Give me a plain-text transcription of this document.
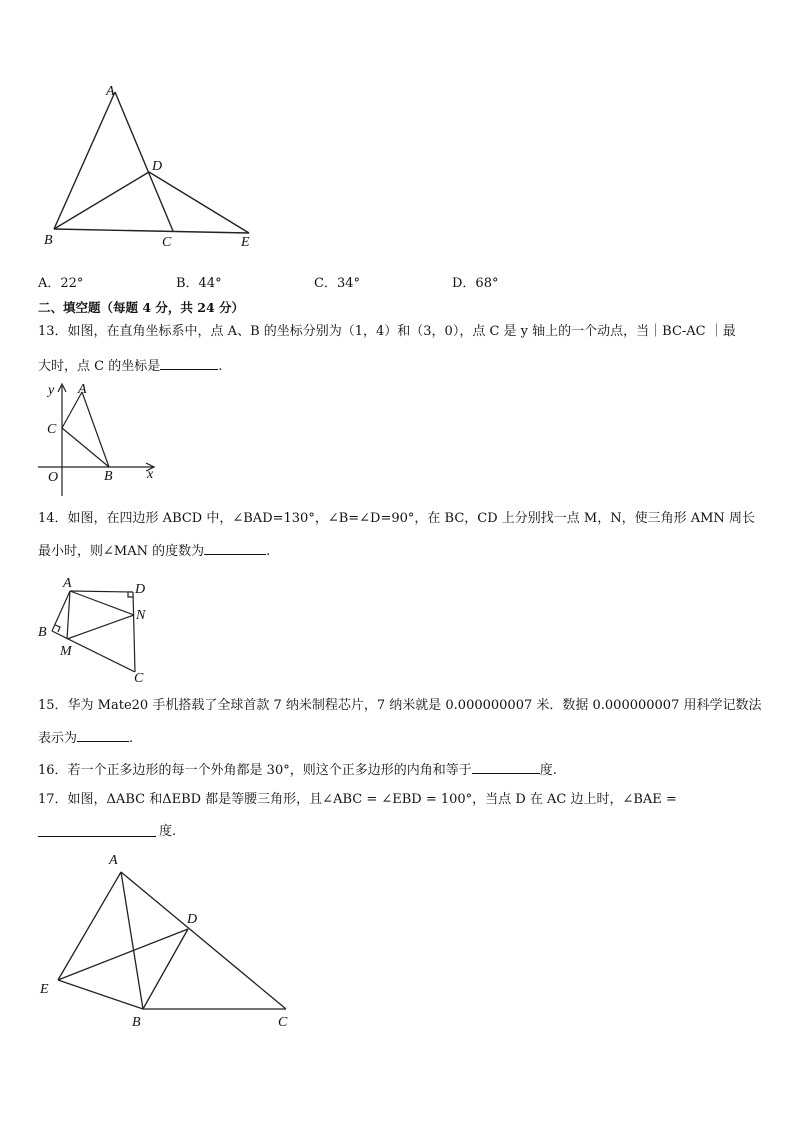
A
D
B	C	E
A．22°	B．44°	C．34°	D．68°
二、填空题（每题 4 分，共 24 分）
13．如图，在直角坐标系中，点 A、B 的坐标分别为（1，4）和（3，0），点 C 是 y 轴上的一个动点，当｜BC-AC ｜最
大时，点 C 的坐标是	.
y A
C
O	B x
14．如图，在四边形 ABCD 中，∠BAD=130°，∠B=∠D=90°，在 BC，CD 上分别找一点 M，N，使三角形 AMN 周长
最小时，则∠MAN 的度数为	.
A	D
N
B
M
C
15．华为 Mate20 手机搭载了全球首款 7 纳米制程芯片，7 纳米就是 0.000000007 米．数据 0.000000007 用科学记数法
表示为	.
16．若一个正多边形的每一个外角都是 30°，则这个正多边形的内角和等于	度.
17．如图，ΔABC 和ΔEBD 都是等腰三角形，且∠ABC = ∠EBD = 100°，当点 D 在 AC 边上时，∠BAE =
度.
A
D
E
B	C
